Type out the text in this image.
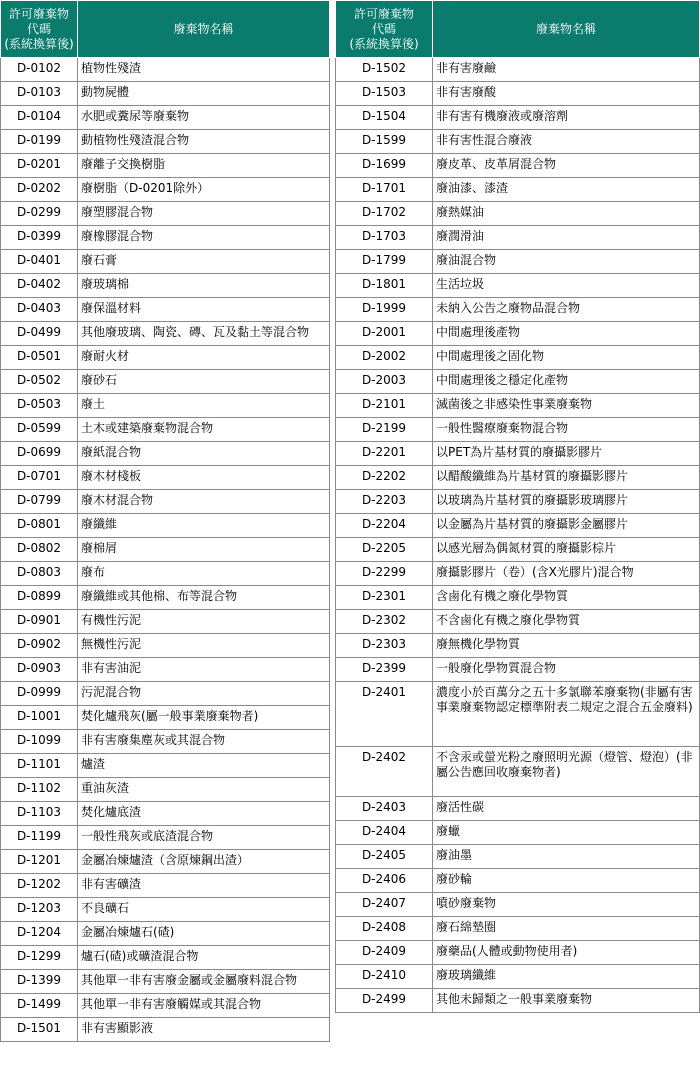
許可廢棄物
代碼
(系統換算後)	廢棄物名稱
D-0102	植物性殘渣
D-0103	動物屍體
D-0104	水肥或糞尿等廢棄物
D-0199	動植物性殘渣混合物
D-0201	廢離子交換樹脂
D-0202	廢樹脂（D-0201除外）
D-0299	廢塑膠混合物
D-0399	廢橡膠混合物
D-0401	廢石膏
D-0402	廢玻璃棉
D-0403	廢保溫材料
D-0499	其他廢玻璃、陶瓷、磚、瓦及黏土等混合物
D-0501	廢耐火材
D-0502	廢砂石
D-0503	廢土
D-0599	土木或建築廢棄物混合物
D-0699	廢紙混合物
D-0701	廢木材棧板
D-0799	廢木材混合物
D-0801	廢纖維
D-0802	廢棉屑
D-0803	廢布
D-0899	廢纖維或其他棉、布等混合物
D-0901	有機性污泥
D-0902	無機性污泥
D-0903	非有害油泥
D-0999	污泥混合物
D-1001	焚化爐飛灰(屬一般事業廢棄物者)
D-1099	非有害廢集塵灰或其混合物
D-1101	爐渣
D-1102	重油灰渣
D-1103	焚化爐底渣
D-1199	一般性飛灰或底渣混合物
D-1201	金屬冶煉爐渣（含原煉鋼出渣）
D-1202	非有害礦渣
D-1203	不良礦石
D-1204	金屬冶煉爐石(碴)
D-1299	爐石(碴)或礦渣混合物
D-1399	其他單一非有害廢金屬或金屬廢料混合物
D-1499	其他單一非有害廢觸媒或其混合物
D-1501	非有害顯影液
許可廢棄物
代碼
(系統換算後)	廢棄物名稱
D-1502	非有害廢鹼
D-1503	非有害廢酸
D-1504	非有害有機廢液或廢溶劑
D-1599	非有害性混合廢液
D-1699	廢皮革、皮革屑混合物
D-1701	廢油漆、漆渣
D-1702	廢熱媒油
D-1703	廢潤滑油
D-1799	廢油混合物
D-1801	生活垃圾
D-1999	未納入公告之廢物品混合物
D-2001	中間處理後產物
D-2002	中間處理後之固化物
D-2003	中間處理後之穩定化產物
D-2101	滅菌後之非感染性事業廢棄物
D-2199	一般性醫療廢棄物混合物
D-2201	以PET為片基材質的廢攝影膠片
D-2202	以醋酸纖維為片基材質的廢攝影膠片
D-2203	以玻璃為片基材質的廢攝影玻璃膠片
D-2204	以金屬為片基材質的廢攝影金屬膠片
D-2205	以感光層為偶氮材質的廢攝影棕片
D-2299	廢攝影膠片（卷）(含X光膠片)混合物
D-2301	含鹵化有機之廢化學物質
D-2302	不含鹵化有機之廢化學物質
D-2303	廢無機化學物質
D-2399	一般廢化學物質混合物
D-2401	濃度小於百萬分之五十多氯聯苯廢棄物(非屬有害事業廢棄物認定標準附表二規定之混合五金廢料)
D-2402	不含汞或螢光粉之廢照明光源（燈管、燈泡）(非屬公告應回收廢棄物者)
D-2403	廢活性碳
D-2404	廢蠟
D-2405	廢油墨
D-2406	廢砂輪
D-2407	噴砂廢棄物
D-2408	廢石綿墊圈
D-2409	廢藥品(人體或動物使用者)
D-2410	廢玻璃纖維
D-2499	其他未歸類之一般事業廢棄物
